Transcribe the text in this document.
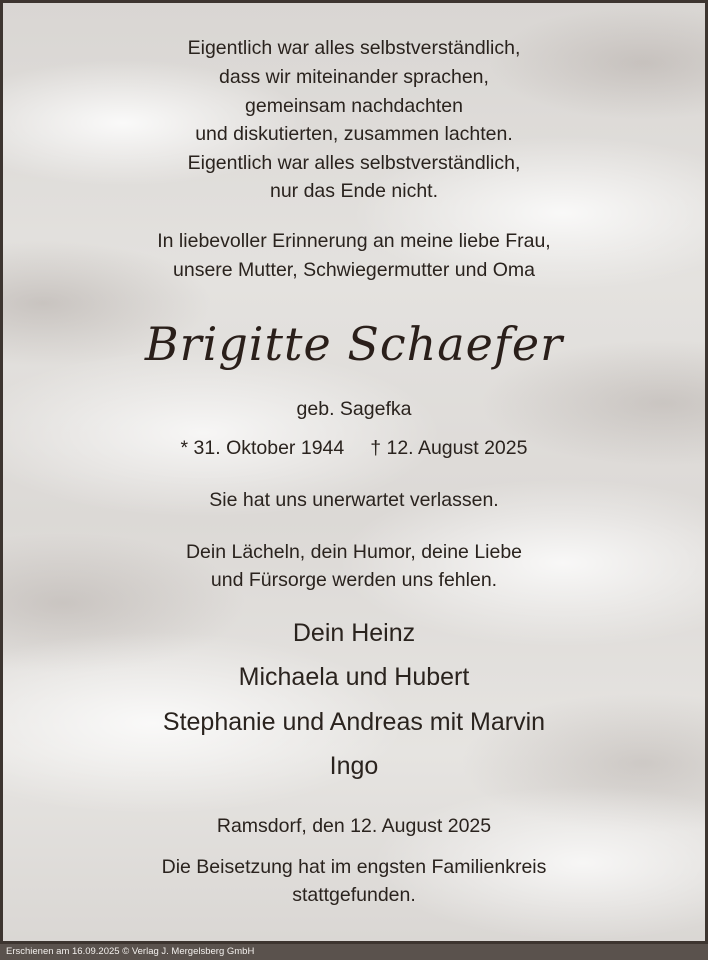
Eigentlich war alles selbstverständlich,
dass wir miteinander sprachen,
gemeinsam nachdachten
und diskutierten, zusammen lachten.
Eigentlich war alles selbstverständlich,
nur das Ende nicht.
In liebevoller Erinnerung an meine liebe Frau,
unsere Mutter, Schwiegermutter und Oma
Brigitte Schaefer
geb. Sagefka
* 31. Oktober 1944 † 12. August 2025
Sie hat uns unerwartet verlassen.
Dein Lächeln, dein Humor, deine Liebe
und Fürsorge werden uns fehlen.
Dein Heinz
Michaela und Hubert
Stephanie und Andreas mit Marvin
Ingo
Ramsdorf, den 12. August 2025
Die Beisetzung hat im engsten Familienkreis
stattgefunden.
Erschienen am 16.09.2025 © Verlag J. Mergelsberg GmbH
